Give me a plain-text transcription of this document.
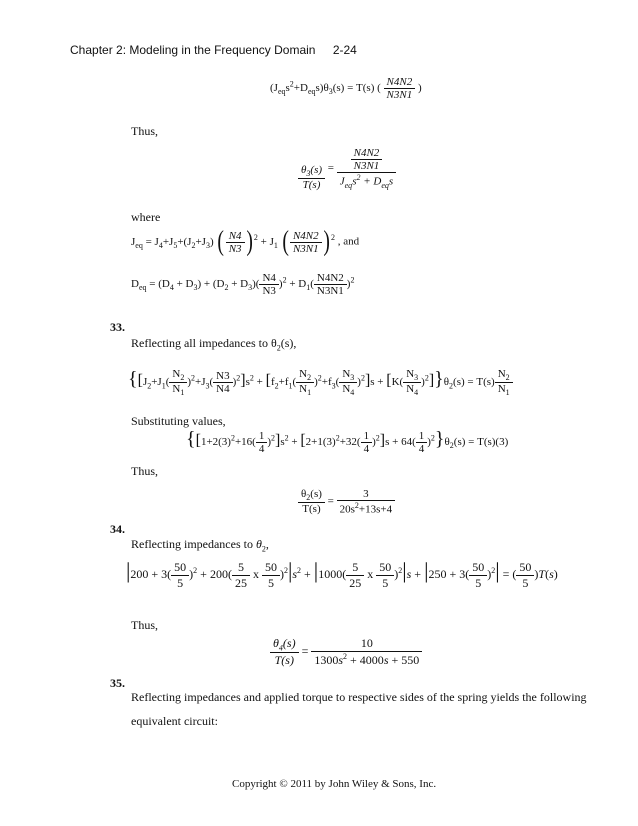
Chapter 2: Modeling in the Frequency Domain 2-24
$(J_{eq}s^2+D_{eq}s)\theta_3(s) = T(s)$ ( $\frac{N4N2}{N3N1}$ )
Thus,
$\frac{\theta_3(s)}{T(s)} = \frac{\frac{N4N2}{N3N1}}{J_{eq}s^2 + D_{eq}s}$
where
$J_{eq} = J_4+J_5+(J_2+J_3)$ ( $\frac{N4}{N3} )^2 + J_1$ ( $\frac{N4N2}{N3N1} )^2$ , and
$D_{eq} = (D_4 + D_3) + (D_2 + D_3)( \frac{N4}{N3} )^2 + D_1( \frac{N4N2}{N3N1} )^2$
33.
Reflecting all impedances to $\theta_2(s)$,
$\{[J_2+J_1( \frac{N_2}{N_1} )^2+J_3( \frac{N3}{N4} )^2]s^2 + [f_2+f_1( \frac{N_2}{N_1} )^2+f_3( \frac{N_3}{N_4} )^2]s + [K( \frac{N_3}{N_4} )^2]\}\theta_2(s) = T(s) \frac{N_2}{N_1}$
Substituting values,
$\{[1+2(3)^2+16( \frac{1}{4} )^2]s^2 + [2+1(3)^2+32( \frac{1}{4} )^2]s + 64( \frac{1}{4} )^2\}\theta_2(s) = T(s)(3)$
Thus,
$\frac{\theta_2(s)}{T(s)} = \frac{3}{20s^2+13s+4}$
34.
Reflecting impedances to $\theta_2$,
$|200 + 3( \frac{50}{5} )^2 + 200( \frac{5}{25}$ x $\frac{50}{5} )^2|s^2 + |1000( \frac{5}{25}$ x $\frac{50}{5} )^2|s + |250 + 3( \frac{50}{5} )^2|$ = ( $\frac{50}{5} )T(s)$
Thus,
$\frac{\theta_4(s)}{T(s)} = \frac{10}{1300s^2 + 4000s + 550}$
35.
Reflecting impedances and applied torque to respective sides of the spring yields the following
equivalent circuit:
Copyright © 2011 by John Wiley & Sons, Inc.
